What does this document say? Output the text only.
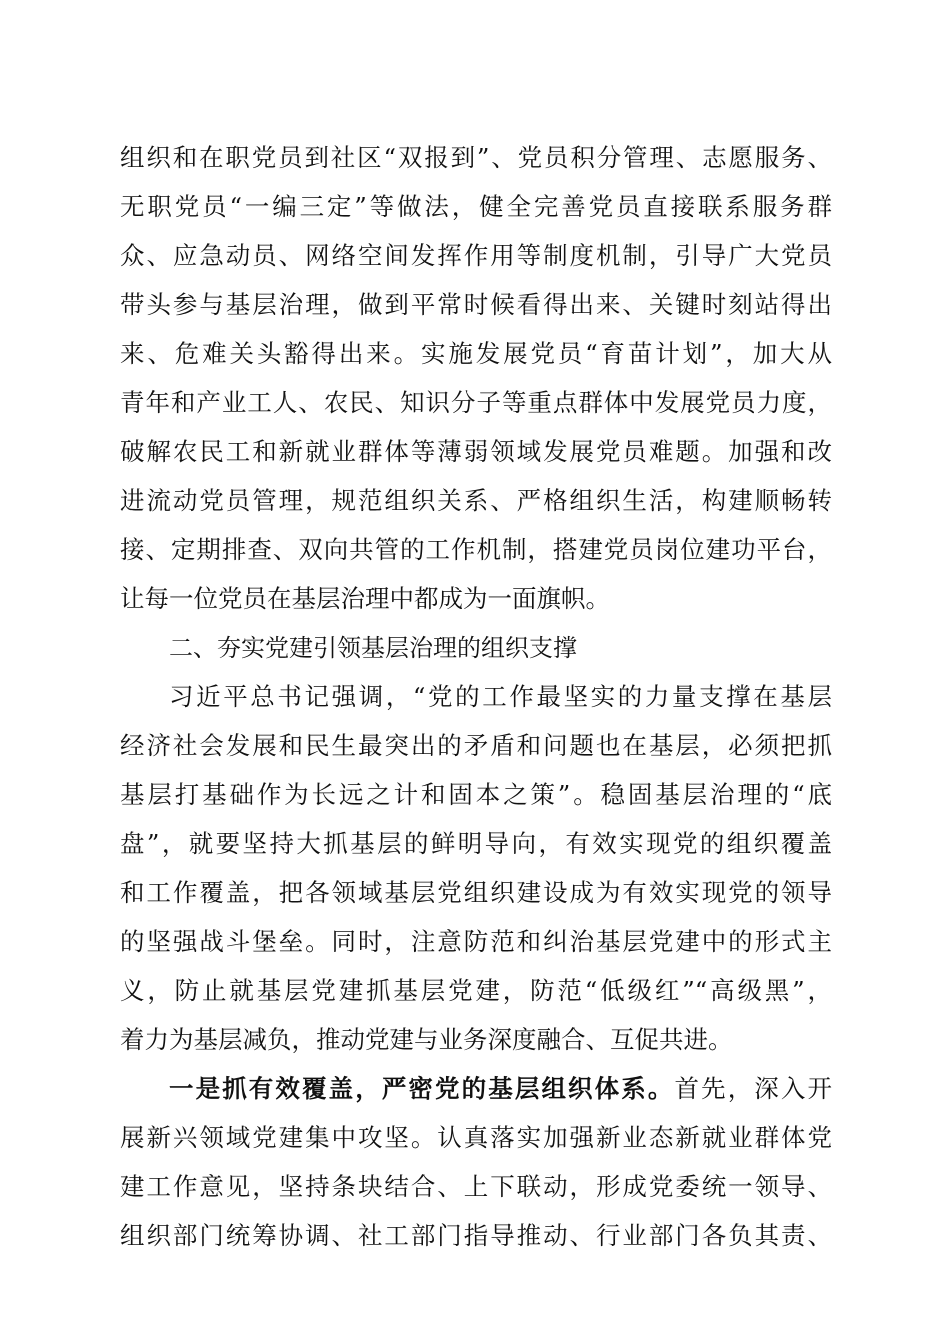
组织和在职党员到社区“双报到”、党员积分管理、志愿服务、
无职党员“一编三定”等做法，健全完善党员直接联系服务群
众、应急动员、网络空间发挥作用等制度机制，引导广大党员
带头参与基层治理，做到平常时候看得出来、关键时刻站得出
来、危难关头豁得出来。实施发展党员“育苗计划”，加大从
青年和产业工人、农民、知识分子等重点群体中发展党员力度，
破解农民工和新就业群体等薄弱领域发展党员难题。加强和改
进流动党员管理，规范组织关系、严格组织生活，构建顺畅转
接、定期排查、双向共管的工作机制，搭建党员岗位建功平台，
让每一位党员在基层治理中都成为一面旗帜。
二、夯实党建引领基层治理的组织支撑
习近平总书记强调，“党的工作最坚实的力量支撑在基层
经济社会发展和民生最突出的矛盾和问题也在基层，必须把抓
基层打基础作为长远之计和固本之策”。稳固基层治理的“底
盘”，就要坚持大抓基层的鲜明导向，有效实现党的组织覆盖
和工作覆盖，把各领域基层党组织建设成为有效实现党的领导
的坚强战斗堡垒。同时，注意防范和纠治基层党建中的形式主
义，防止就基层党建抓基层党建，防范“低级红”“高级黑”，
着力为基层减负，推动党建与业务深度融合、互促共进。
一是抓有效覆盖，严密党的基层组织体系。首先，深入开
展新兴领域党建集中攻坚。认真落实加强新业态新就业群体党
建工作意见，坚持条块结合、上下联动，形成党委统一领导、
组织部门统筹协调、社工部门指导推动、行业部门各负其责、
